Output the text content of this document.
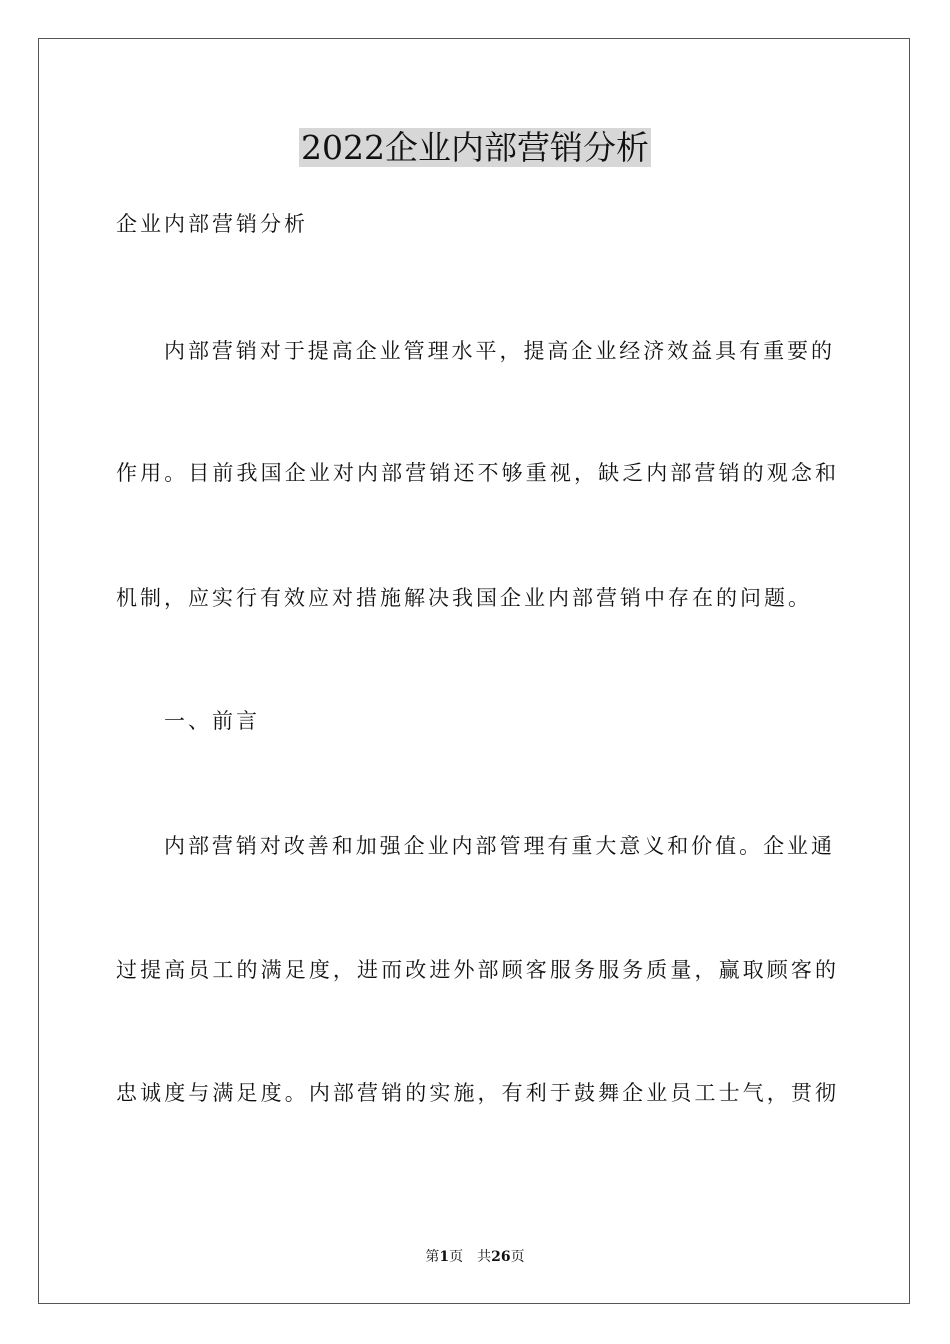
2022企业内部营销分析
企业内部营销分析
内部营销对于提高企业管理水平，提高企业经济效益具有重要的
作用。目前我国企业对内部营销还不够重视，缺乏内部营销的观念和
机制，应实行有效应对措施解决我国企业内部营销中存在的问题。
一、前言
内部营销对改善和加强企业内部管理有重大意义和价值。企业通
过提高员工的满足度，进而改进外部顾客服务服务质量，赢取顾客的
忠诚度与满足度。内部营销的实施，有利于鼓舞企业员工士气，贯彻
第1页 共26页
